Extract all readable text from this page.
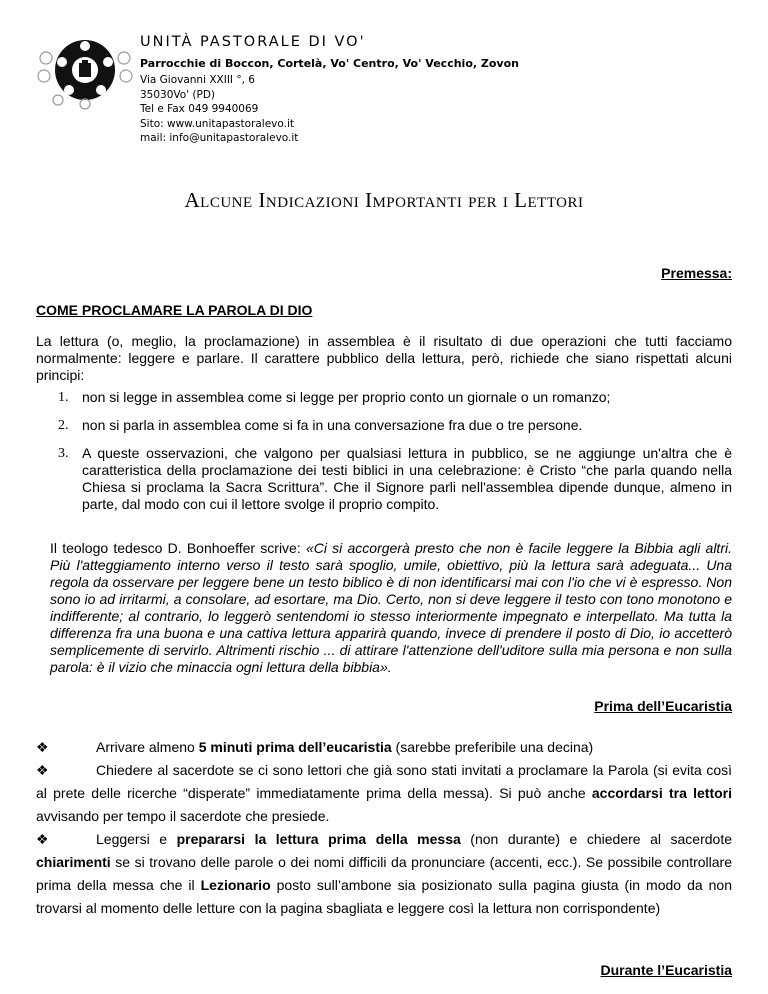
UNITÀ PASTORALE DI VO'
Parrocchie di Boccon, Cortelà, Vo' Centro, Vo' Vecchio, Zovon
Via Giovanni XXIII °, 6
35030Vo' (PD)
Tel e Fax 049 9940069
Sito: www.unitapastoralevo.it
mail: info@unitapastoralevo.it
Alcune Indicazioni Importanti per i Lettori
Premessa:
COME PROCLAMARE LA PAROLA DI DIO
La lettura (o, meglio, la proclamazione) in assemblea è il risultato di due operazioni che tutti facciamo normalmente: leggere e parlare. Il carattere pubblico della lettura, però, richiede che siano rispettati alcuni principi:
1. non si legge in assemblea come si legge per proprio conto un giornale o un romanzo;
2. non si parla in assemblea come si fa in una conversazione fra due o tre persone.
3. A queste osservazioni, che valgono per qualsiasi lettura in pubblico, se ne aggiunge un'altra che è caratteristica della proclamazione dei testi biblici in una celebrazione: è Cristo “che parla quando nella Chiesa si proclama la Sacra Scrittura”. Che il Signore parli nell'assemblea dipende dunque, almeno in parte, dal modo con cui il lettore svolge il proprio compito.
Il teologo tedesco D. Bonhoeffer scrive: «Ci si accorgerà presto che non è facile leggere la Bibbia agli altri. Più l'atteggiamento interno verso il testo sarà spoglio, umile, obiettivo, più la lettura sarà adeguata... Una regola da osservare per leggere bene un testo biblico è di non identificarsi mai con l'io che vi è espresso. Non sono io ad irritarmi, a consolare, ad esortare, ma Dio. Certo, non si deve leggere il testo con tono monotono e indifferente; al contrario, lo leggerò sentendomi io stesso interiormente impegnato e interpellato. Ma tutta la differenza fra una buona e una cattiva lettura apparirà quando, invece di prendere il posto di Dio, io accetterò semplicemente di servirlo. Altrimenti rischio ... di attirare l'attenzione dell'uditore sulla mia persona e non sulla parola: è il vizio che minaccia ogni lettura della bibbia».
Prima dell’Eucaristia

❖	Arrivare almeno 5 minuti prima dell’eucaristia (sarebbe preferibile una decina)

❖	Chiedere al sacerdote se ci sono lettori che già sono stati invitati a proclamare la Parola (si evita così al prete delle ricerche “disperate” immediatamente prima della messa). Si può anche accordarsi tra lettori avvisando per tempo il sacerdote che presiede.

❖	Leggersi e prepararsi la lettura prima della messa (non durante) e chiedere al sacerdote chiarimenti se si trovano delle parole o dei nomi difficili da pronunciare (accenti, ecc.). Se possibile controllare prima della messa che il Lezionario posto sull’ambone sia posizionato sulla pagina giusta (in modo da non trovarsi al momento delle letture con la pagina sbagliata e leggere così la lettura non corrispondente)

Durante l’Eucaristia
